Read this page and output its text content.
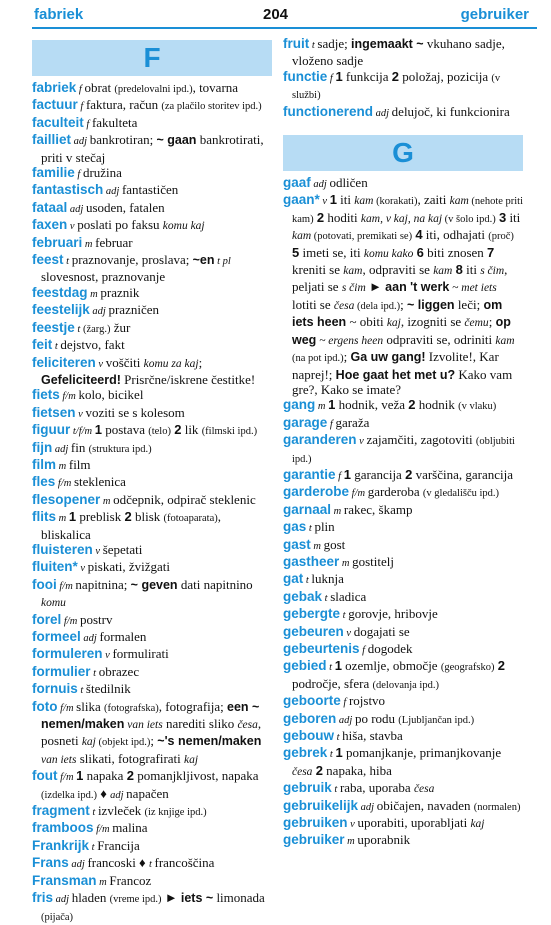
fabriek	204	gebruiker
F

fabriek f obrat (predelovalni ipd.), tovarna

factuur f faktura, račun (za plačilo storitev ipd.)

faculteit f fakulteta

failliet adj bankrotiran; ~ gaan bankrotirati, priti v stečaj

familie f družina

fantastisch adj fantastičen

fataal adj usoden, fatalen

faxen v poslati po faksu komu kaj

februari m februar

feest t praznovanje, proslava; ~en t pl slovesnost, praznovanje

feestdag m praznik

feestelijk adj prazničen

feestje t (žarg.) žur

feit t dejstvo, fakt

feliciteren v voščiti komu za kaj; Gefeliciteerd! Prisrčne/iskrene čestitke!

fiets f/m kolo, bicikel

fietsen v voziti se s kolesom

figuur t/f/m 1 postava (telo) 2 lik (filmski ipd.)

fijn adj fin (struktura ipd.)

film m film

fles f/m steklenica

flesopener m odčepnik, odpirač steklenic

flits m 1 preblisk 2 blisk (fotoaparata), bliskalica

fluisteren v šepetati

fluiten* v piskati, žvižgati

fooi f/m napitnina; ~ geven dati napitnino komu

forel f/m postrv

formeel adj formalen

formuleren v formulirati

formulier t obrazec

fornuis t štedilnik

foto f/m slika (fotografska), fotografija; een ~ nemen/maken van iets narediti sliko česa, posneti kaj (objekt ipd.); ~'s nemen/maken van iets slikati, fotografirati kaj

fout f/m 1 napaka 2 pomanjkljivost, napaka (izdelka ipd.) ♦ adj napačen

fragment t izvleček (iz knjige ipd.)

framboos f/m malina

Frankrijk t Francija

Frans adj francoski ♦ t francoščina

Fransman m Francoz

fris adj hladen (vreme ipd.) ► iets ~ limonada (pijača)

fruit t sadje; ingemaakt ~ vkuhano sadje, vloženo sadje

functie f 1 funkcija 2 položaj, pozicija (v službi)

functionerend adj delujoč, ki funkcionira

G

gaaf adj odličen

gaan* v 1 iti kam (korakati), zaiti kam (nehote priti kam) 2 hoditi kam, v kaj, na kaj (v šolo ipd.) 3 iti kam (potovati, premikati se) 4 iti, odhajati (proč) 5 imeti se, iti komu kako 6 biti znosen 7 kreniti se kam, odpraviti se kam 8 iti s čim, peljati se s čim ► aan 't werk ~ met iets lotiti se česa (dela ipd.); ~ liggen leči; om iets heen ~ obiti kaj, izogniti se čemu; op weg ~ ergens heen odpraviti se, odriniti kam (na pot ipd.); Ga uw gang! Izvolite!, Kar naprej!; Hoe gaat het met u? Kako vam gre?, Kako se imate?

gang m 1 hodnik, veža 2 hodnik (v vlaku)

garage f garaža

garanderen v zajamčiti, zagotoviti (obljubiti ipd.)

garantie f 1 garancija 2 varščina, garancija

garderobe f/m garderoba (v gledališču ipd.)

garnaal m rakec, škamp

gas t plin

gast m gost

gastheer m gostitelj

gat t luknja

gebak t sladica

gebergte t gorovje, hribovje

gebeuren v dogajati se

gebeurtenis f dogodek

gebied t 1 ozemlje, območje (geografsko) 2 področje, sfera (delovanja ipd.)

geboorte f rojstvo

geboren adj po rodu (Ljubljančan ipd.)

gebouw t hiša, stavba

gebrek t 1 pomanjkanje, primanjkovanje česa 2 napaka, hiba

gebruik t raba, uporaba česa

gebruikelijk adj običajen, navaden (normalen)

gebruiken v uporabiti, uporabljati kaj

gebruiker m uporabnik
